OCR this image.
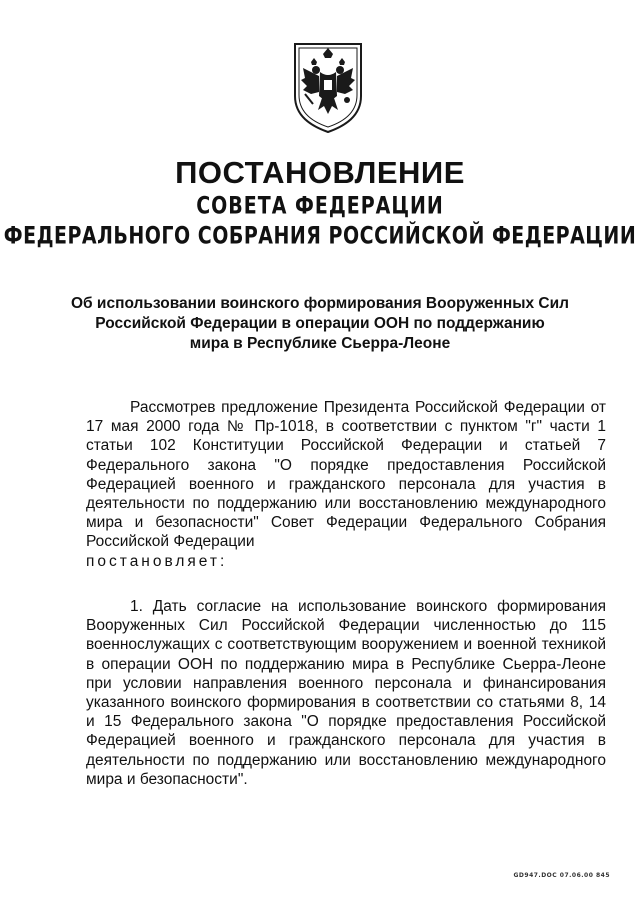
ПОСТАНОВЛЕНИЕ
СОВЕТА ФЕДЕРАЦИИ
ФЕДЕРАЛЬНОГО СОБРАНИЯ РОССИЙСКОЙ ФЕДЕРАЦИИ
Об использовании воинского формирования Вооруженных Сил
Российской Федерации в операции ООН по поддержанию
мира в Республике Сьерра-Леоне

Рассмотрев предложение Президента Российской Федерации от 17 мая 2000 года № Пр-1018, в соответствии с пунктом "г" части 1 статьи 102 Конституции Российской Федерации и статьей 7 Федерального закона "О порядке предоставления Российской Федерацией военного и гражданского персонала для участия в деятельности по поддержанию или восстановлению международного мира и безопасности" Совет Федерации Федерального Собрания Российской Федерации
постановляет:

1. Дать согласие на использование воинского формирования Вооруженных Сил Российской Федерации численностью до 115 военнослужащих с соответствующим вооружением и военной техникой в операции ООН по поддержанию мира в Республике Сьерра-Леоне при условии направления военного персонала и финансирования указанного воинского формирования в соответствии со статьями 8, 14 и 15 Федерального закона "О порядке предоставления Российской Федерацией военного и гражданского персонала для участия в деятельности по поддержанию или восстановлению международного мира и безопасности".

GD947.DOC 07.06.00 845
